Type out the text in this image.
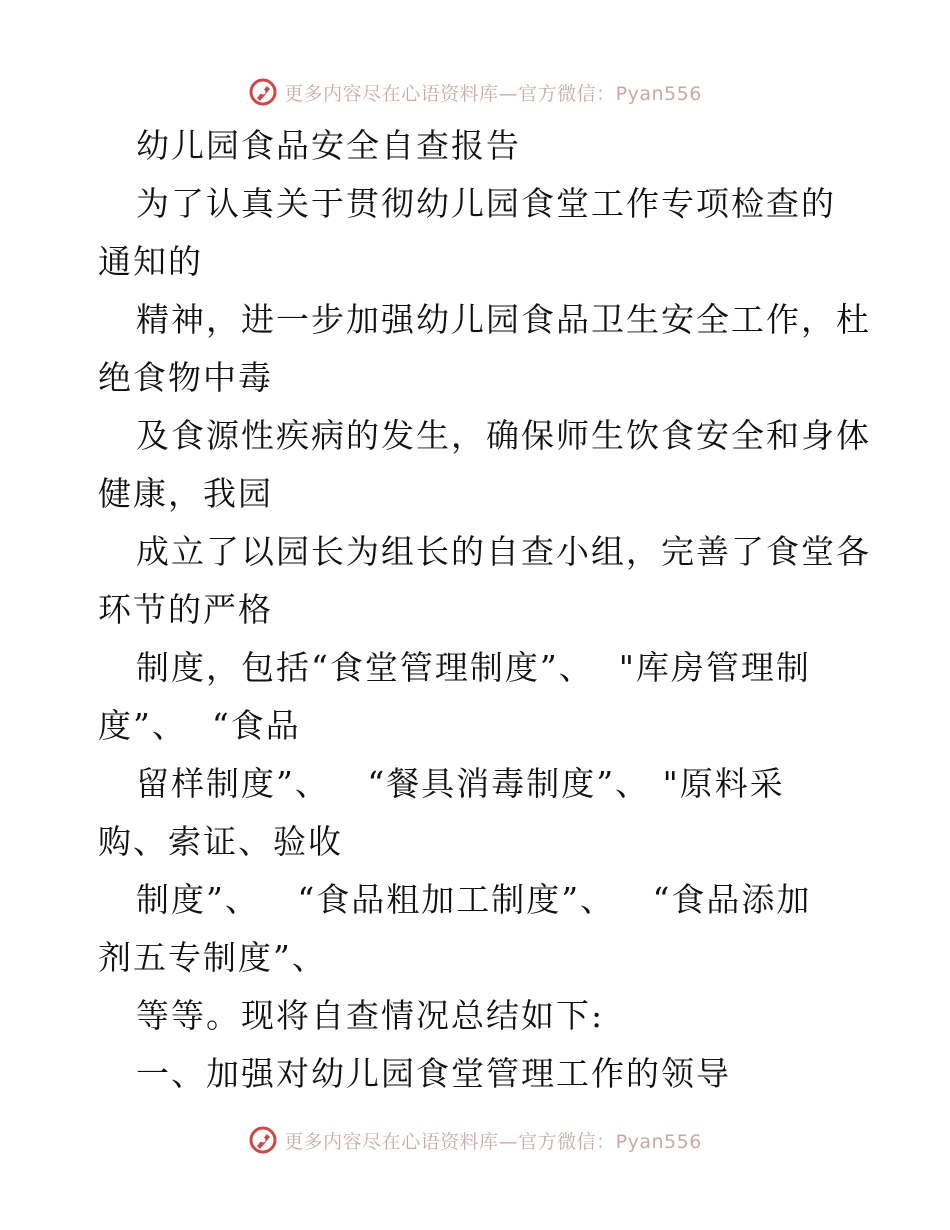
更多内容尽在心语资料库—官方微信：Pyan556
幼儿园食品安全自查报告
为了认真关于贯彻幼儿园食堂工作专项检查的
通知的
精神，进一步加强幼儿园食品卫生安全工作，杜
绝食物中毒
及食源性疾病的发生，确保师生饮食安全和身体
健康，我园
成立了以园长为组长的自查小组，完善了食堂各
环节的严格
制度，包括“食堂管理制度”、  "库房管理制
度”、  “食品
留样制度”、   “餐具消毒制度”、 "原料采
购、索证、验收
制度”、   “食品粗加工制度”、   “食品添加
剂五专制度”、
等等。现将自查情况总结如下:
一、加强对幼儿园食堂管理工作的领导
更多内容尽在心语资料库—官方微信：Pyan556
